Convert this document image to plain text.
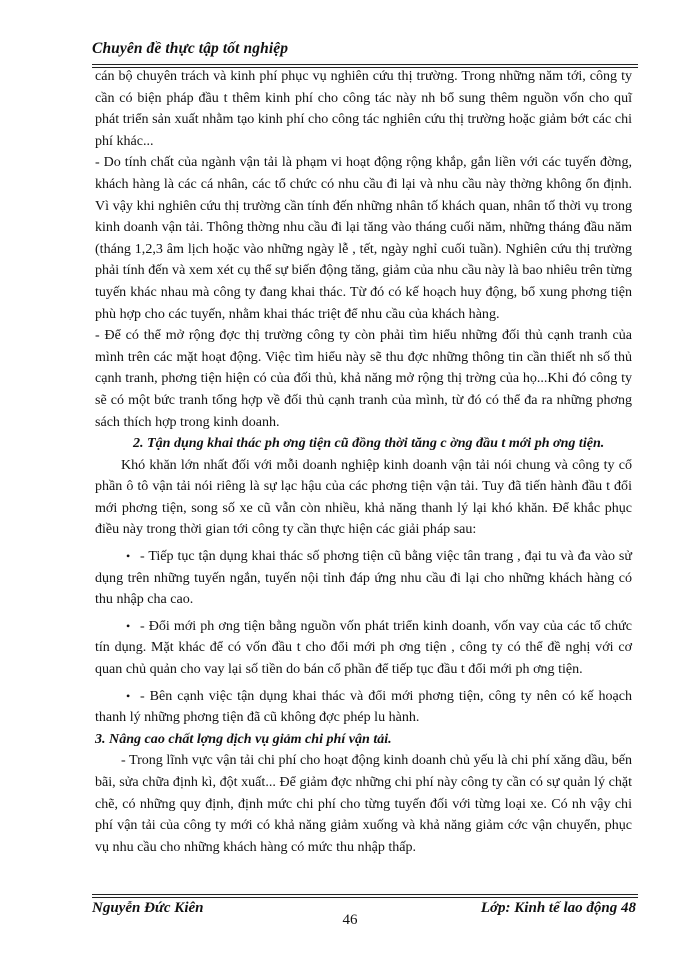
Chuyên đề thực tập tốt nghiệp

cán bộ chuyên trách và kinh phí phục vụ nghiên cứu thị trường. Trong những năm tới, công ty cần có biện pháp đầu t thêm kinh phí cho công tác này nh bổ sung thêm nguồn vốn cho quĩ phát triển sản xuất nhằm tạo kinh phí cho công tác nghiên cứu thị trường hoặc giảm bớt các chi phí khác...

- Do tính chất của ngành vận tải là phạm vi hoạt động rộng khắp, gắn liền với các tuyến đờng, khách hàng là các cá nhân, các tổ chức có nhu cầu đi lại và nhu cầu này thờng không ổn định. Vì vậy khi nghiên cứu thị trường cần tính đến những nhân tố khách quan, nhân tố thời vụ trong kinh doanh vận tải. Thông thờng nhu cầu đi lại tăng vào tháng cuối năm, những tháng đầu năm (tháng 1,2,3 âm lịch hoặc vào những ngày lễ , tết, ngày nghỉ cuối tuần). Nghiên cứu thị trường phải tính đến và xem xét cụ thể sự biến động tăng, giảm của nhu cầu này là bao nhiêu trên từng tuyến khác nhau mà công ty đang khai thác. Từ đó có kế hoạch huy động, bổ xung phơng tiện phù hợp cho các tuyến, nhằm khai thác triệt để nhu cầu của khách hàng.

- Để có thể mở rộng đợc thị trường công ty còn phải tìm hiểu những đối thủ cạnh tranh của mình trên các mặt hoạt động. Việc tìm hiểu này sẽ thu đợc những thông tin cần thiết nh số thủ cạnh tranh, phơng tiện hiện có của đối thủ, khả năng mở rộng thị trờng của họ...Khi đó công ty sẽ có một bức tranh tổng hợp về đối thủ cạnh tranh của mình, từ đó có thể đa ra những phơng sách thích hợp trong kinh doanh.

2. Tận dụng khai thác ph ơng tiện cũ đồng thời tăng c ờng đầu t mới ph ơng tiện.

Khó khăn lớn nhất đối với mỗi doanh nghiệp kinh doanh vận tải nói chung và công ty cổ phần ô tô vận tải nói riêng là sự lạc hậu của các phơng tiện vận tải. Tuy đã tiến hành đầu t đổi mới phơng tiện, song số xe cũ vẫn còn nhiều, khả năng thanh lý lại khó khăn. Để khắc phục điều này trong thời gian tới công ty cần thực hiện các giải pháp sau:

• - Tiếp tục tận dụng khai thác số phơng tiện cũ bằng việc tân trang , đại tu và đa vào sử dụng trên những tuyến ngắn, tuyến nội tỉnh đáp ứng nhu cầu đi lại cho những khách hàng có thu nhập cha cao.

• - Đổi mới ph ơng tiện bằng nguồn vốn phát triển kinh doanh, vốn vay của các tổ chức tín dụng. Mặt khác để có vốn đầu t cho đổi mới ph ơng tiện , công ty có thể đề nghị với cơ quan chủ quản cho vay lại số tiền do bán cổ phần để tiếp tục đầu t đổi mới ph ơng tiện.

• - Bên cạnh việc tận dụng khai thác và đổi mới phơng tiện, công ty nên có kế hoạch thanh lý những phơng tiện đã cũ không đợc phép lu hành.

3. Nâng cao chất lợng dịch vụ giảm chi phí vận tải.

- Trong lĩnh vực vận tải chi phí cho hoạt động kinh doanh chủ yếu là chi phí xăng dầu, bến bãi, sửa chữa định kì, đột xuất... Để giảm đợc những chi phí này công ty cần có sự quản lý chặt chẽ, có những quy định, định mức chi phí cho từng tuyến đối với từng loại xe. Có nh vậy chi phí vận tải của công ty mới có khả năng giảm xuống và khả năng giảm cớc vận chuyển, phục vụ nhu cầu cho những khách hàng có mức thu nhập thấp.

Nguyễn Đức Kiên
46
Lớp: Kinh tế lao động 48
